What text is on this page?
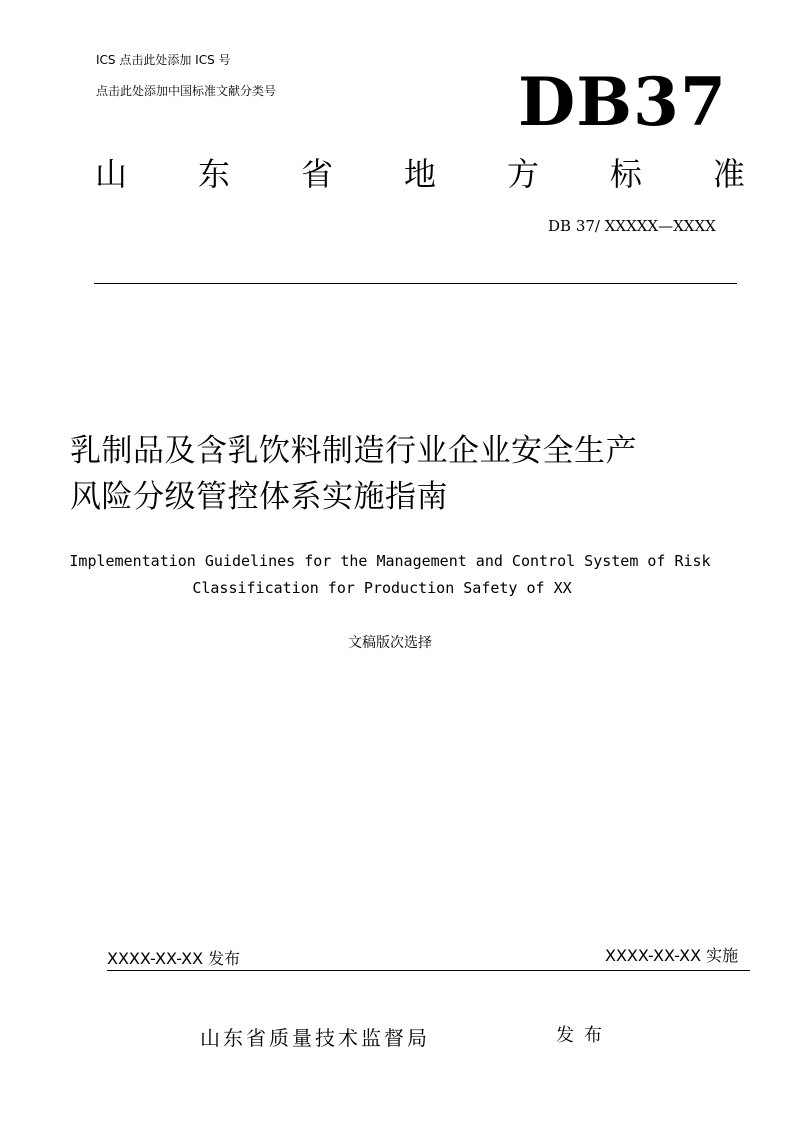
ICS 点击此处添加 ICS 号
点击此处添加中国标准文献分类号	DB37
山 东 省 地 方 标 准
DB 37/ XXXXX—XXXX
乳制品及含乳饮料制造行业企业安全生产
风险分级管控体系实施指南
Implementation Guidelines for the Management and Control System of Risk
Classification for Production Safety of XX
文稿版次选择
XXXX-XX-XX 发布	XXXX-XX-XX 实施
山东省质量技术监督局	发布
